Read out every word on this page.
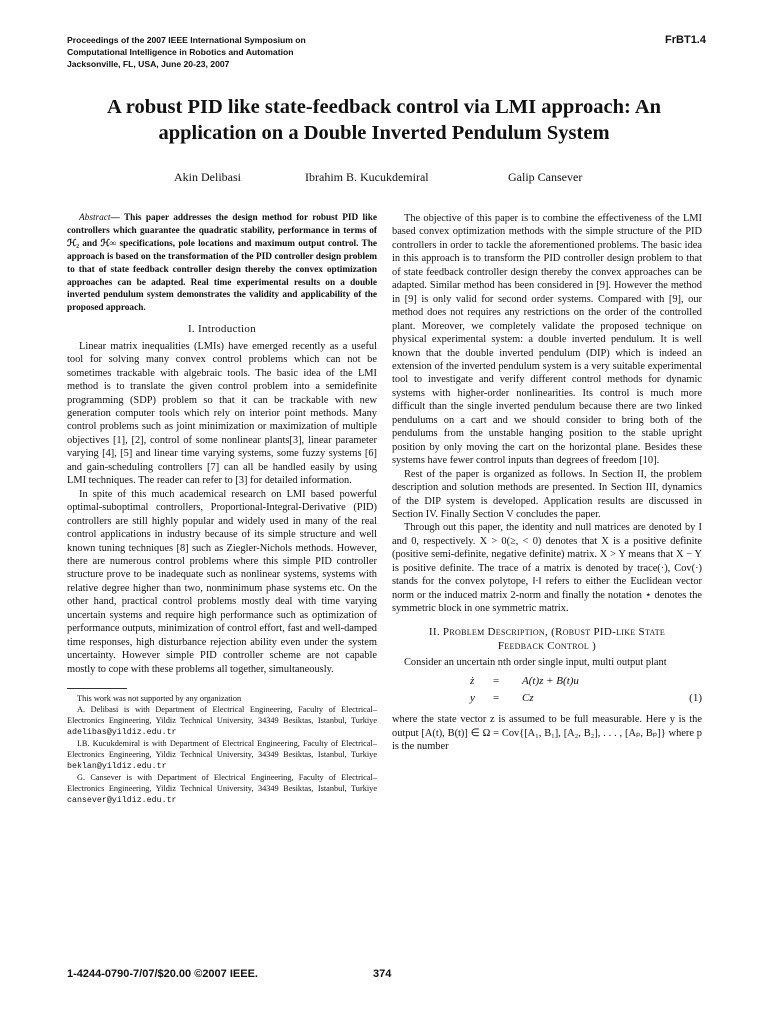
Proceedings of the 2007 IEEE International Symposium on
Computational Intelligence in Robotics and Automation
Jacksonville, FL, USA, June 20-23, 2007
FrBT1.4
A robust PID like state-feedback control via LMI approach: An
application on a Double Inverted Pendulum System
Akin Delibasi	Ibrahim B. Kucukdemiral	Galip Cansever

Abstract— This paper addresses the design method for robust PID like controllers which guarantee the quadratic stability, performance in terms of ℋ₂ and ℋ∞ specifications, pole locations and maximum output control. The approach is based on the transformation of the PID controller design problem to that of state feedback controller design thereby the convex optimization approaches can be adapted. Real time experimental results on a double inverted pendulum system demonstrates the validity and applicability of the proposed approach.

I. Introduction

Linear matrix inequalities (LMIs) have emerged recently as a useful tool for solving many convex control problems which can not be sometimes trackable with algebraic tools. The basic idea of the LMI method is to translate the given control problem into a semidefinite programming (SDP) problem so that it can be trackable with new generation computer tools which rely on interior point methods. Many control problems such as joint minimization or maximization of multiple objectives [1], [2], control of some nonlinear plants[3], linear parameter varying [4], [5] and linear time varying systems, some fuzzy systems [6] and gain-scheduling controllers [7] can all be handled easily by using LMI techniques. The reader can refer to [3] for detailed information.

In spite of this much academical research on LMI based powerful optimal-suboptimal controllers, Proportional-Integral-Derivative (PID) controllers are still highly popular and widely used in many of the real control applications in industry because of its simple structure and well known tuning techniques [8] such as Ziegler-Nichols methods. However, there are numerous control problems where this simple PID controller structure prove to be inadequate such as nonlinear systems, systems with relative degree higher than two, nonminimum phase systems etc. On the other hand, practical control problems mostly deal with time varying uncertain systems and require high performance such as optimization of performance outputs, minimization of control effort, fast and well-damped time responses, high disturbance rejection ability even under the system uncertainty. However simple PID controller scheme are not capable mostly to cope with these problems all together, simultaneously.

This work was not supported by any organization

A. Delibasi is with Department of Electrical Engineering, Faculty of Electrical–Electronics Engineering, Yildiz Technical University, 34349 Besiktas, Istanbul, Turkiye adelibas@yildiz.edu.tr

I.B. Kucukdemiral is with Department of Electrical Engineering, Faculty of Electrical–Electronics Engineering, Yildiz Technical University, 34349 Besiktas, Istanbul, Turkiye beklan@yildiz.edu.tr

G. Cansever is with Department of Electrical Engineering, Faculty of Electrical–Electronics Engineering, Yildiz Technical University, 34349 Besiktas, Istanbul, Turkiye cansever@yildiz.edu.tr

The objective of this paper is to combine the effectiveness of the LMI based convex optimization methods with the simple structure of the PID controllers in order to tackle the aforementioned problems. The basic idea in this approach is to transform the PID controller design problem to that of state feedback controller design thereby the convex approaches can be adapted. Similar method has been considered in [9]. However the method in [9] is only valid for second order systems. Compared with [9], our method does not requires any restrictions on the order of the controlled plant. Moreover, we completely validate the proposed technique on physical experimental system: a double inverted pendulum. It is well known that the double inverted pendulum (DIP) which is indeed an extension of the inverted pendulum system is a very suitable experimental tool to investigate and verify different control methods for dynamic systems with higher-order nonlinearities. Its control is much more difficult than the single inverted pendulum because there are two linked pendulums on a cart and we should consider to bring both of the pendulums from the unstable hanging position to the stable upright position by only moving the cart on the horizontal plane. Besides these systems have fewer control inputs than degrees of freedom [10].

Rest of the paper is organized as follows. In Section II, the problem description and solution methods are presented. In Section III, dynamics of the DIP system is developed. Application results are discussed in Section IV. Finally Section V concludes the paper.

Through out this paper, the identity and null matrices are denoted by I and 0, respectively. X > 0(≥, < 0) denotes that X is a positive definite (positive semi-definite, negative definite) matrix. X > Y means that X − Y is positive definite. The trace of a matrix is denoted by trace(·), Cov(·) stands for the convex polytope, ‖·‖ refers to either the Euclidean vector norm or the induced matrix 2-norm and finally the notation ⋆ denotes the symmetric block in one symmetric matrix.

II. Problem Description, (Robust PID-like State
Feedback Control )

Consider an uncertain nth order single input, multi output plant

ż = A(t)z + B(t)u
y = Cz	(1)

where the state vector z is assumed to be full measurable. Here y is the output [A(t), B(t)] ∈ Ω = Cov{[A₁, B₁], [A₂, B₂], . . . , [Aₚ, Bₚ]} where p is the number

1-4244-0790-7/07/$20.00 ©2007 IEEE.	374
